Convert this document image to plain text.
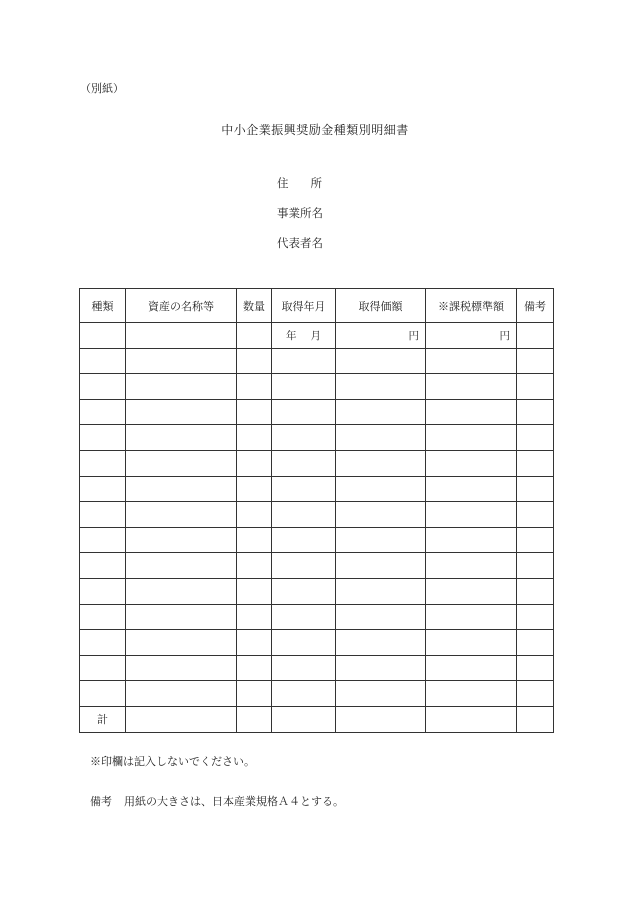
（別紙）
中小企業振興奨励金種類別明細書
住 所
事業所名
代表者名
種類	資産の名称等	数量	取得年月	取得価額	※課税標準額	備考
			年 月	円	円	

計						
※印欄は記入しないでください。
備考 用紙の大きさは、日本産業規格Ａ４とする。
